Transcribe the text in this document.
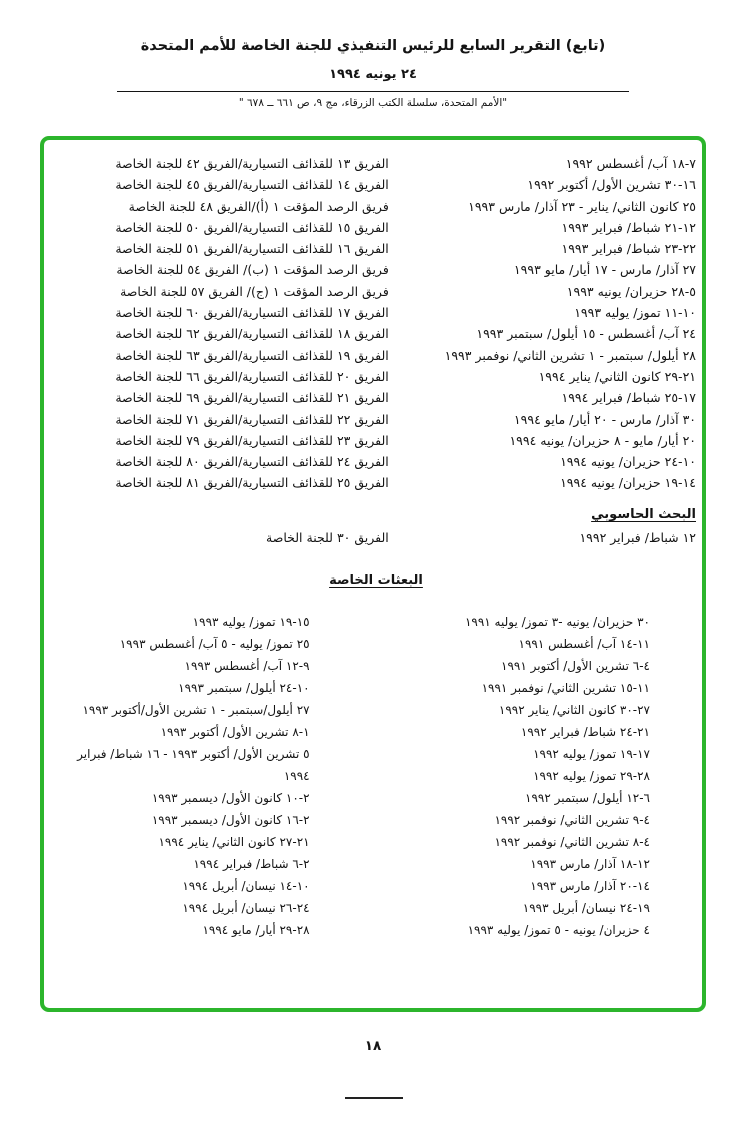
(تابع) التقرير السابع للرئيس التنفيذي للجنة الخاصة للأمم المتحدة
٢٤ يونيه ١٩٩٤
"الأمم المتحدة، سلسلة الكتب الزرقاء، مج ٩، ص ٦٦١ ــ ٦٧٨ "
٧-١٨ آب/ أغسطس ١٩٩٢
الفريق ١٣ للقذائف التسيارية/الفريق ٤٢ للجنة الخاصة
١٦-٣٠ تشرين الأول/ أكتوبر ١٩٩٢
الفريق ١٤ للقذائف التسيارية/الفريق ٤٥ للجنة الخاصة
٢٥ كانون الثاني/ يناير - ٢٣ آذار/ مارس ١٩٩٣
فريق الرصد المؤقت ١ (أ)/الفريق ٤٨ للجنة الخاصة
١٢-٢١ شباط/ فبراير ١٩٩٣
الفريق ١٥ للقذائف التسيارية/الفريق ٥٠ للجنة الخاصة
٢٢-٢٣ شباط/ فبراير ١٩٩٣
الفريق ١٦ للقذائف التسيارية/الفريق ٥١ للجنة الخاصة
٢٧ آذار/ مارس - ١٧ أيار/ مايو ١٩٩٣
فريق الرصد المؤقت ١ (ب)/ الفريق ٥٤ للجنة الخاصة
٥-٢٨ حزيران/ يونيه ١٩٩٣
فريق الرصد المؤقت ١ (ج)/ الفريق ٥٧ للجنة الخاصة
١٠-١١ تموز/ يوليه ١٩٩٣
الفريق ١٧ للقذائف التسيارية/الفريق ٦٠ للجنة الخاصة
٢٤ آب/ أغسطس - ١٥ أيلول/ سبتمبر ١٩٩٣
الفريق ١٨ للقذائف التسيارية/الفريق ٦٢ للجنة الخاصة
٢٨ أيلول/ سبتمبر - ١ تشرين الثاني/ نوفمبر ١٩٩٣
الفريق ١٩ للقذائف التسيارية/الفريق ٦٣ للجنة الخاصة
٢١-٢٩ كانون الثاني/ يناير ١٩٩٤
الفريق ٢٠ للقذائف التسيارية/الفريق ٦٦ للجنة الخاصة
١٧-٢٥ شباط/ فبراير ١٩٩٤
الفريق ٢١ للقذائف التسيارية/الفريق ٦٩ للجنة الخاصة
٣٠ آذار/ مارس - ٢٠ أيار/ مايو ١٩٩٤
الفريق ٢٢ للقذائف التسيارية/الفريق ٧١ للجنة الخاصة
٢٠ أيار/ مايو - ٨ حزيران/ يونيه ١٩٩٤
الفريق ٢٣ للقذائف التسيارية/الفريق ٧٩ للجنة الخاصة
١٠-٢٤ حزيران/ يونيه ١٩٩٤
الفريق ٢٤ للقذائف التسيارية/الفريق ٨٠ للجنة الخاصة
١٤-١٩ حزيران/ يونيه ١٩٩٤
الفريق ٢٥ للقذائف التسيارية/الفريق ٨١ للجنة الخاصة
البحث الحاسوبي
١٢ شباط/ فبراير ١٩٩٢
الفريق ٣٠ للجنة الخاصة
البعثات الخاصة
٣٠ حزيران/ يونيه -٣ تموز/ يوليه ١٩٩١
١١-١٤ آب/ أغسطس ١٩٩١
٤-٦ تشرين الأول/ أكتوبر ١٩٩١
١١-١٥ تشرين الثاني/ نوفمبر ١٩٩١
٢٧-٣٠ كانون الثاني/ يناير ١٩٩٢
٢١-٢٤ شباط/ فبراير ١٩٩٢
١٧-١٩ تموز/ يوليه ١٩٩٢
٢٨-٢٩ تموز/ يوليه ١٩٩٢
٦-١٢ أيلول/ سبتمبر ١٩٩٢
٤-٩ تشرين الثاني/ نوفمبر ١٩٩٢
٤-٨ تشرين الثاني/ نوفمبر ١٩٩٢
١٢-١٨ آذار/ مارس ١٩٩٣
١٤-٢٠ آذار/ مارس ١٩٩٣
١٩-٢٤ نيسان/ أبريل ١٩٩٣
٤ حزيران/ يونيه - ٥ تموز/ يوليه ١٩٩٣
١٥-١٩ تموز/ يوليه ١٩٩٣
٢٥ تموز/ يوليه - ٥ آب/ أغسطس ١٩٩٣
٩-١٢ آب/ أغسطس ١٩٩٣
١٠-٢٤ أيلول/ سبتمبر ١٩٩٣
٢٧ أيلول/سبتمبر - ١ تشرين الأول/أكتوبر ١٩٩٣
١-٨ تشرين الأول/ أكتوبر ١٩٩٣
٥ تشرين الأول/ أكتوبر ١٩٩٣ - ١٦ شباط/ فبراير ١٩٩٤
٢-١٠ كانون الأول/ ديسمبر ١٩٩٣
٢-١٦ كانون الأول/ ديسمبر ١٩٩٣
٢١-٢٧ كانون الثاني/ يناير ١٩٩٤
٢-٦ شباط/ فبراير ١٩٩٤
١٠-١٤ نيسان/ أبريل ١٩٩٤
٢٤-٢٦ نيسان/ أبريل ١٩٩٤
٢٨-٢٩ أيار/ مايو ١٩٩٤
١٨
